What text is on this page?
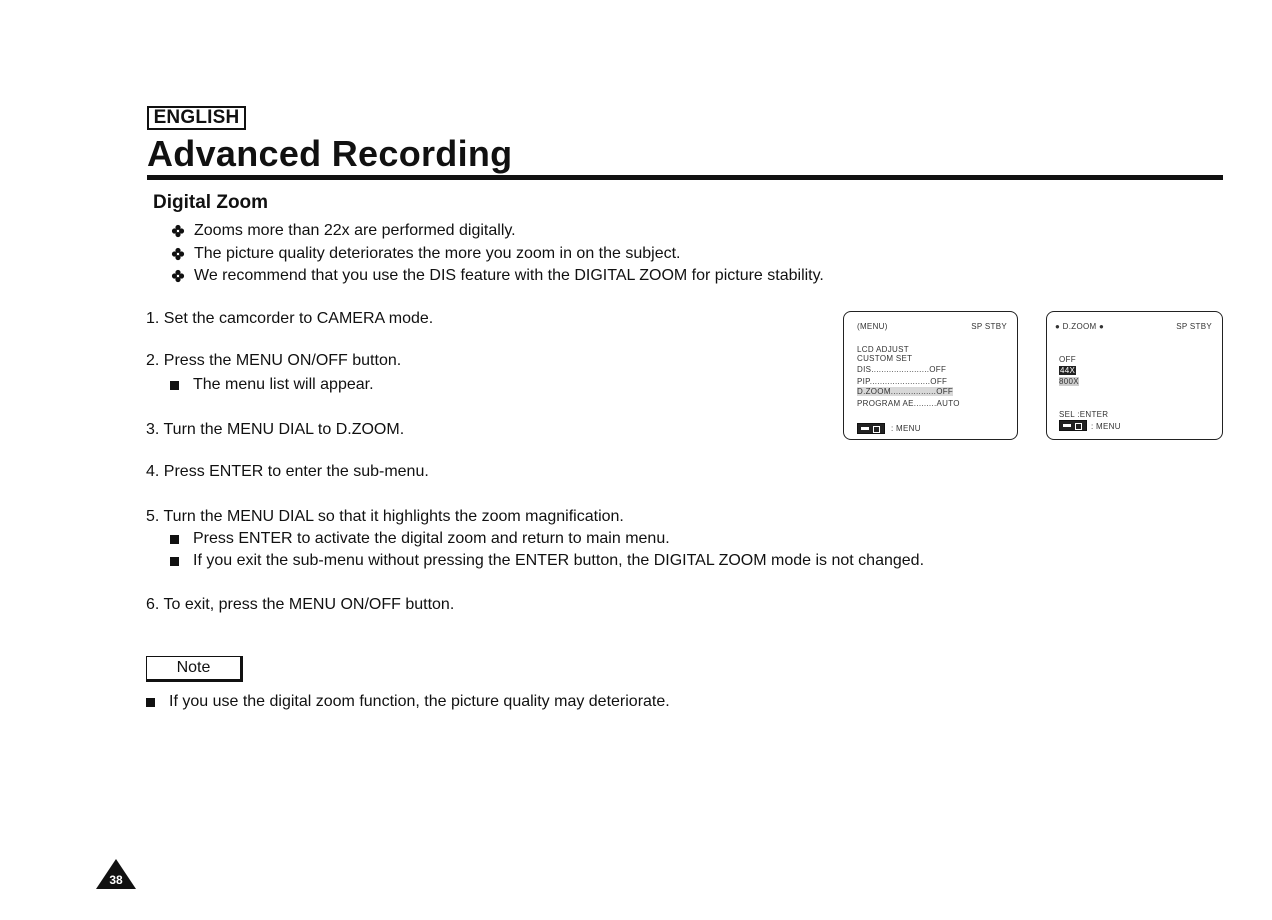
ENGLISH
Advanced Recording
Digital Zoom
Zooms more than 22x are performed digitally.
The picture quality deteriorates the more you zoom in on the subject.
We recommend that you use the DIS feature with the DIGITAL ZOOM for picture stability.
1. Set the camcorder to CAMERA mode.
2. Press the MENU ON/OFF button.
The menu list will appear.
3. Turn the MENU DIAL to D.ZOOM.
4. Press ENTER to enter the sub-menu.
5. Turn the MENU DIAL so that it highlights the zoom magnification.
Press ENTER to activate the digital zoom and return to main menu.
If you exit the sub-menu without pressing the ENTER button, the DIGITAL ZOOM mode is not changed.
6. To exit, press the MENU ON/OFF button.
(MENU)	SP STBY
LCD ADJUST
CUSTOM SET
DIS.......................OFF
PIP........................OFF
D.ZOOM..................OFF
PROGRAM AE.........AUTO
: MENU
● D.ZOOM ●	SP STBY
OFF
44X
800X
SEL :ENTER
: MENU
Note
If you use the digital zoom function, the picture quality may deteriorate.
38
